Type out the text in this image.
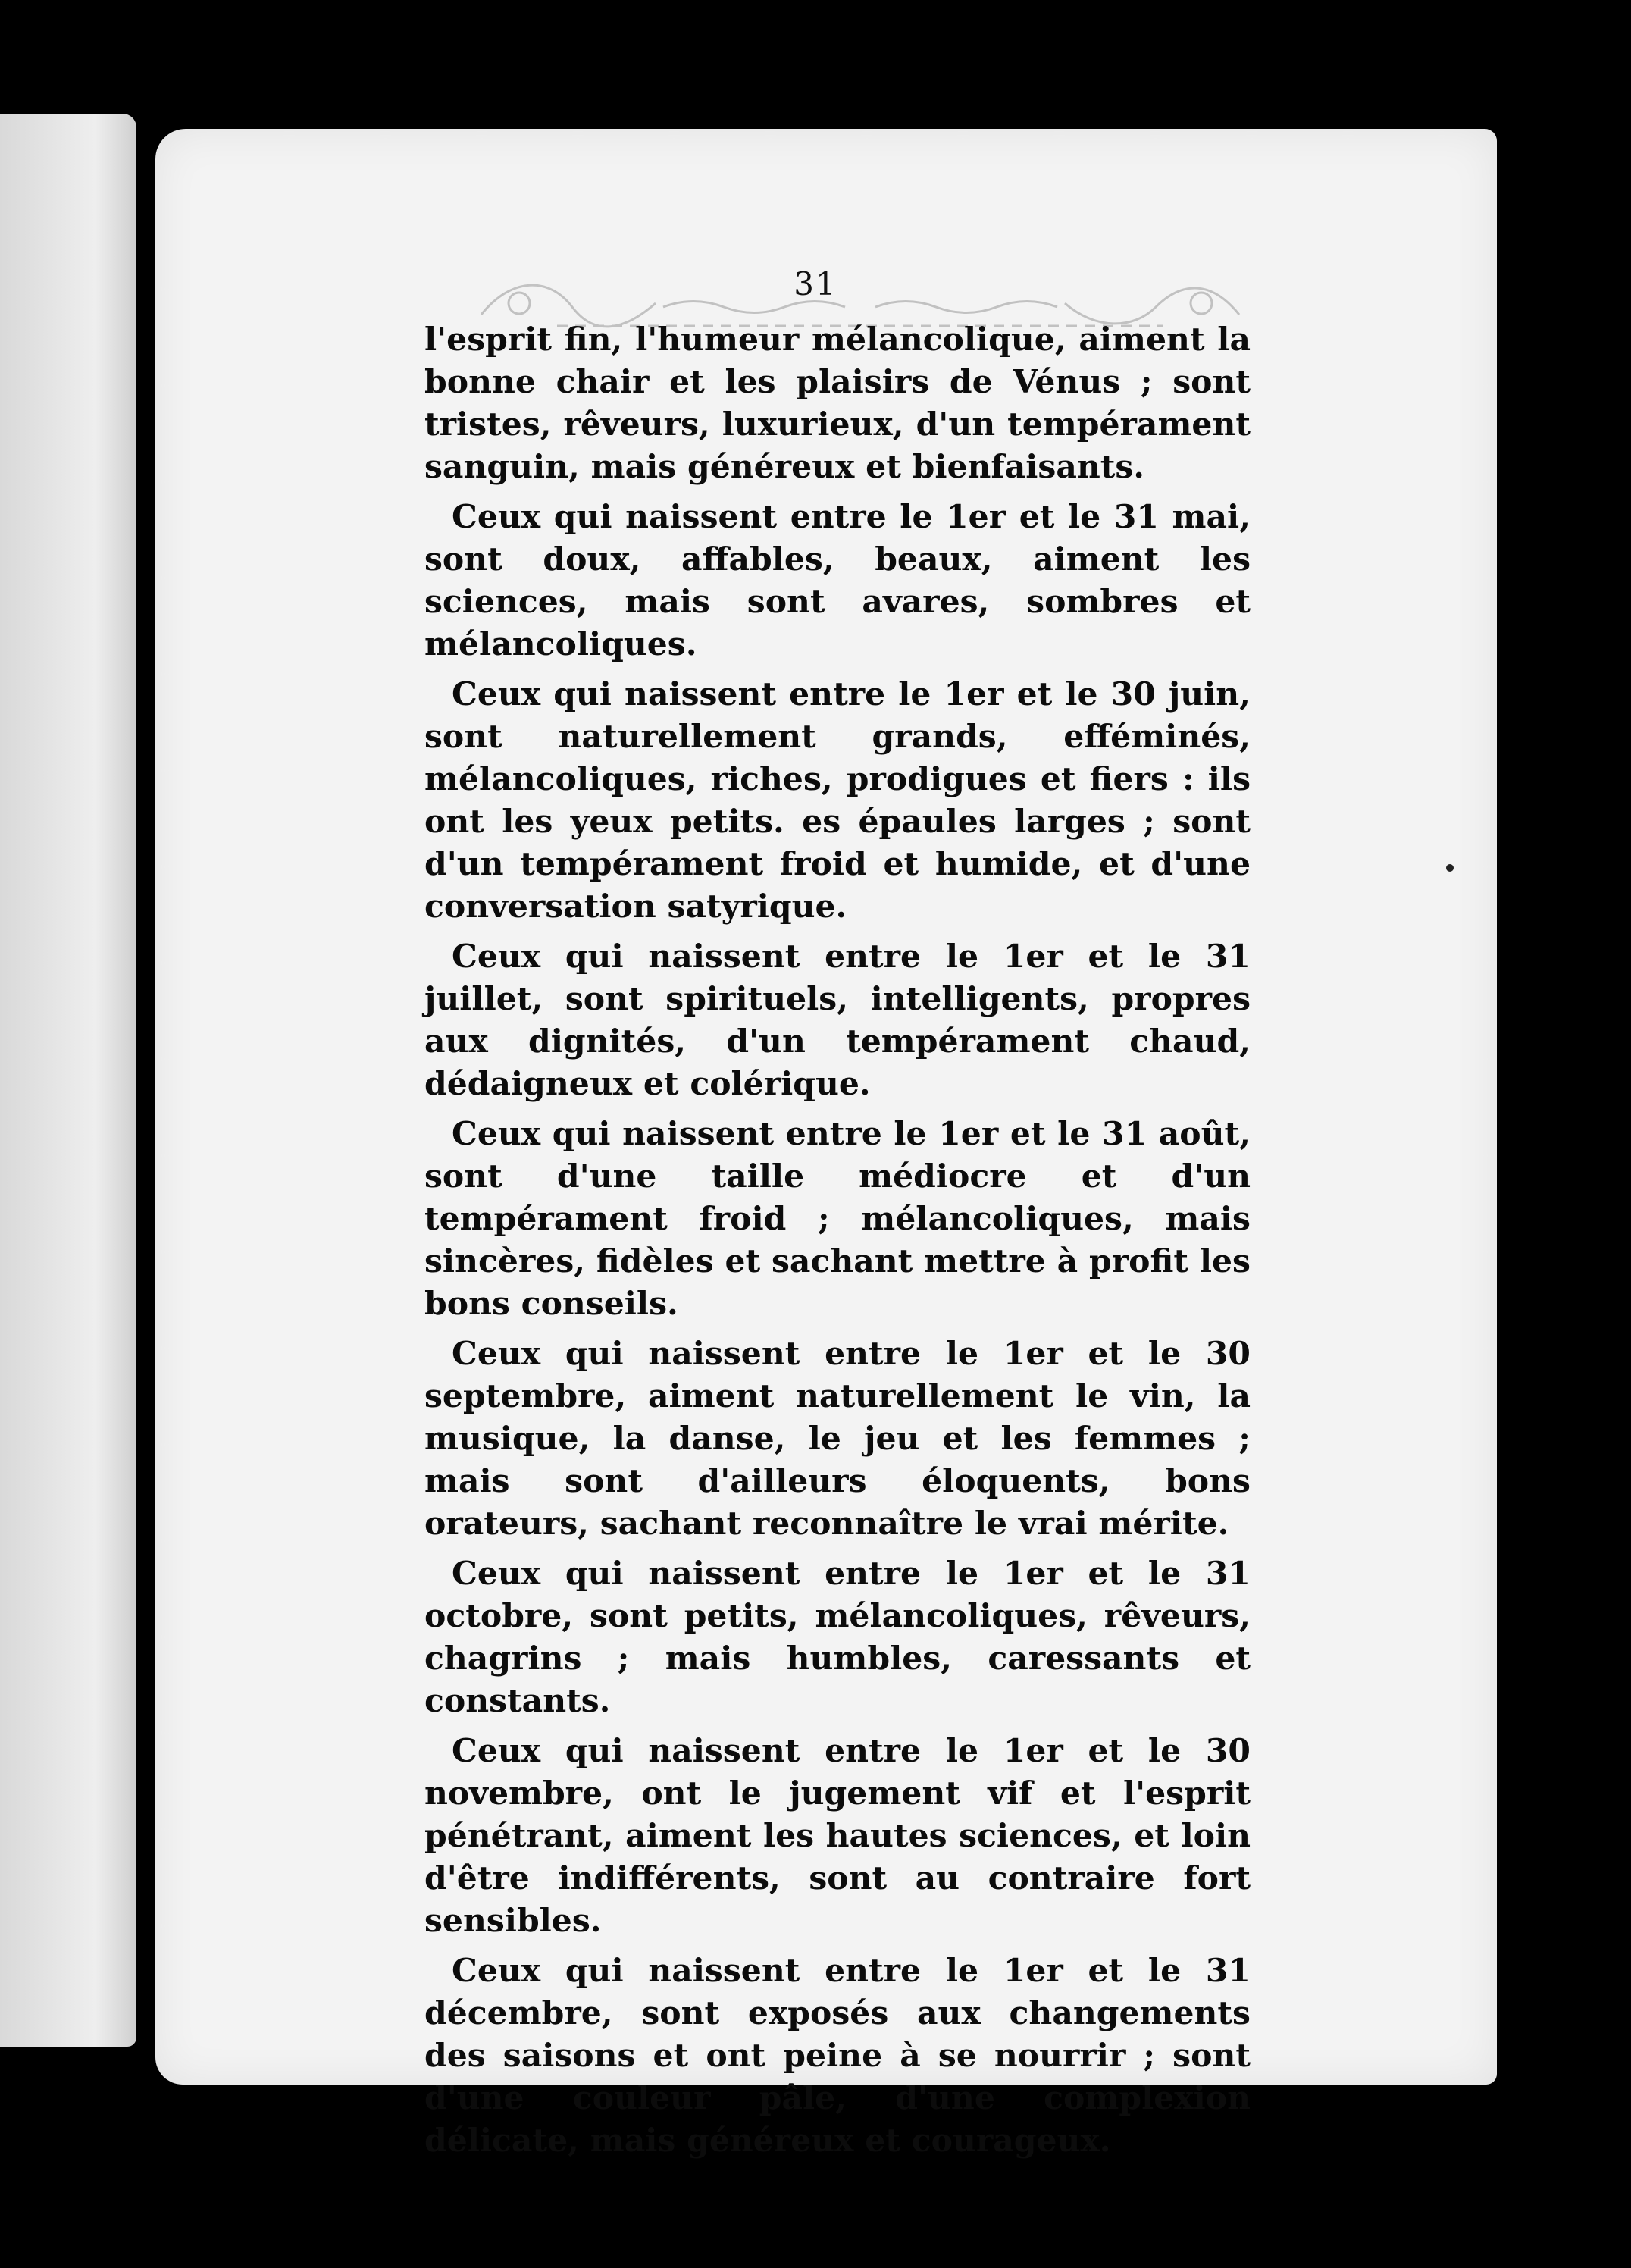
31

l'esprit fin, l'humeur mélancolique, aiment la bonne chair et les plaisirs de Vénus ; sont tristes, rêveurs, luxurieux, d'un tempérament sanguin, mais généreux et bienfaisants.

Ceux qui naissent entre le 1er et le 31 mai, sont doux, affables, beaux, aiment les sciences, mais sont avares, sombres et mélancoliques.

Ceux qui naissent entre le 1er et le 30 juin, sont naturellement grands, efféminés, mélancoliques, riches, prodigues et fiers : ils ont les yeux petits. es épaules larges ; sont d'un tempérament froid et humide, et d'une conversation satyrique.

Ceux qui naissent entre le 1er et le 31 juillet, sont spirituels, intelligents, propres aux dignités, d'un tempérament chaud, dédaigneux et colérique.

Ceux qui naissent entre le 1er et le 31 août, sont d'une taille médiocre et d'un tempérament froid ; mélancoliques, mais sincères, fidèles et sachant mettre à profit les bons conseils.

Ceux qui naissent entre le 1er et le 30 septembre, aiment naturellement le vin, la musique, la danse, le jeu et les femmes ; mais sont d'ailleurs éloquents, bons orateurs, sachant reconnaître le vrai mérite.

Ceux qui naissent entre le 1er et le 31 octobre, sont petits, mélancoliques, rêveurs, chagrins ; mais humbles, caressants et constants.

Ceux qui naissent entre le 1er et le 30 novembre, ont le jugement vif et l'esprit pénétrant, aiment les hautes sciences, et loin d'être indifférents, sont au contraire fort sensibles.

Ceux qui naissent entre le 1er et le 31 décembre, sont exposés aux changements des saisons et ont peine à se nourrir ; sont d'une couleur pâle, d'une complexion délicate, mais généreux et courageux.
